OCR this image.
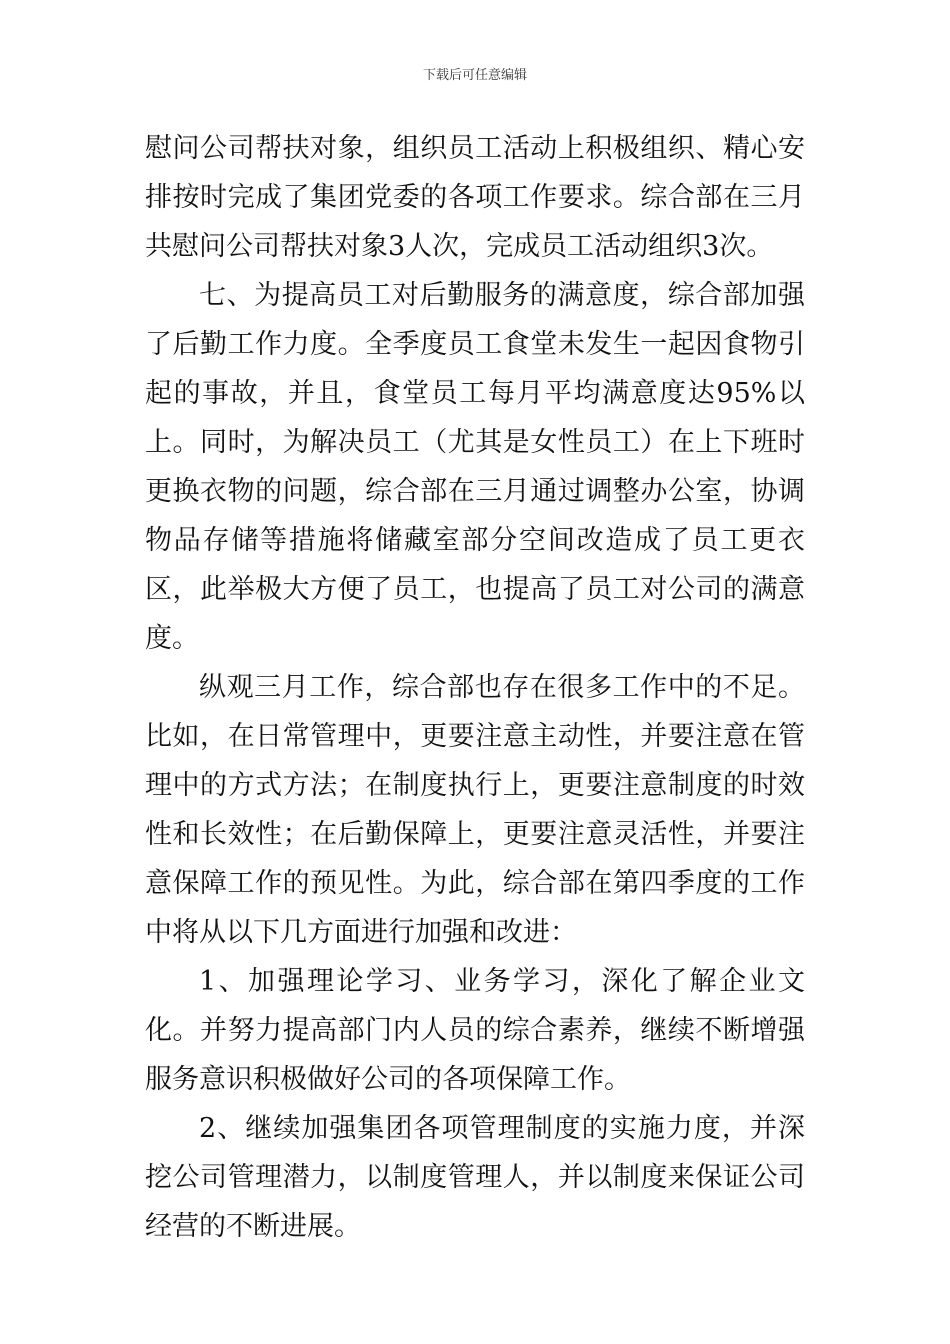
下载后可任意编辑

慰问公司帮扶对象，组织员工活动上积极组织、精心安排按时完成了集团党委的各项工作要求。综合部在三月共慰问公司帮扶对象3人次，完成员工活动组织3次。

七、为提高员工对后勤服务的满意度，综合部加强了后勤工作力度。全季度员工食堂未发生一起因食物引起的事故，并且，食堂员工每月平均满意度达95%以上。同时，为解决员工（尤其是女性员工）在上下班时更换衣物的问题，综合部在三月通过调整办公室，协调物品存储等措施将储藏室部分空间改造成了员工更衣区，此举极大方便了员工，也提高了员工对公司的满意度。

纵观三月工作，综合部也存在很多工作中的不足。比如，在日常管理中，更要注意主动性，并要注意在管理中的方式方法；在制度执行上，更要注意制度的时效性和长效性；在后勤保障上，更要注意灵活性，并要注意保障工作的预见性。为此，综合部在第四季度的工作中将从以下几方面进行加强和改进：

1、加强理论学习、业务学习，深化了解企业文化。并努力提高部门内人员的综合素养，继续不断增强服务意识积极做好公司的各项保障工作。

2、继续加强集团各项管理制度的实施力度，并深挖公司管理潜力，以制度管理人，并以制度来保证公司经营的不断进展。
